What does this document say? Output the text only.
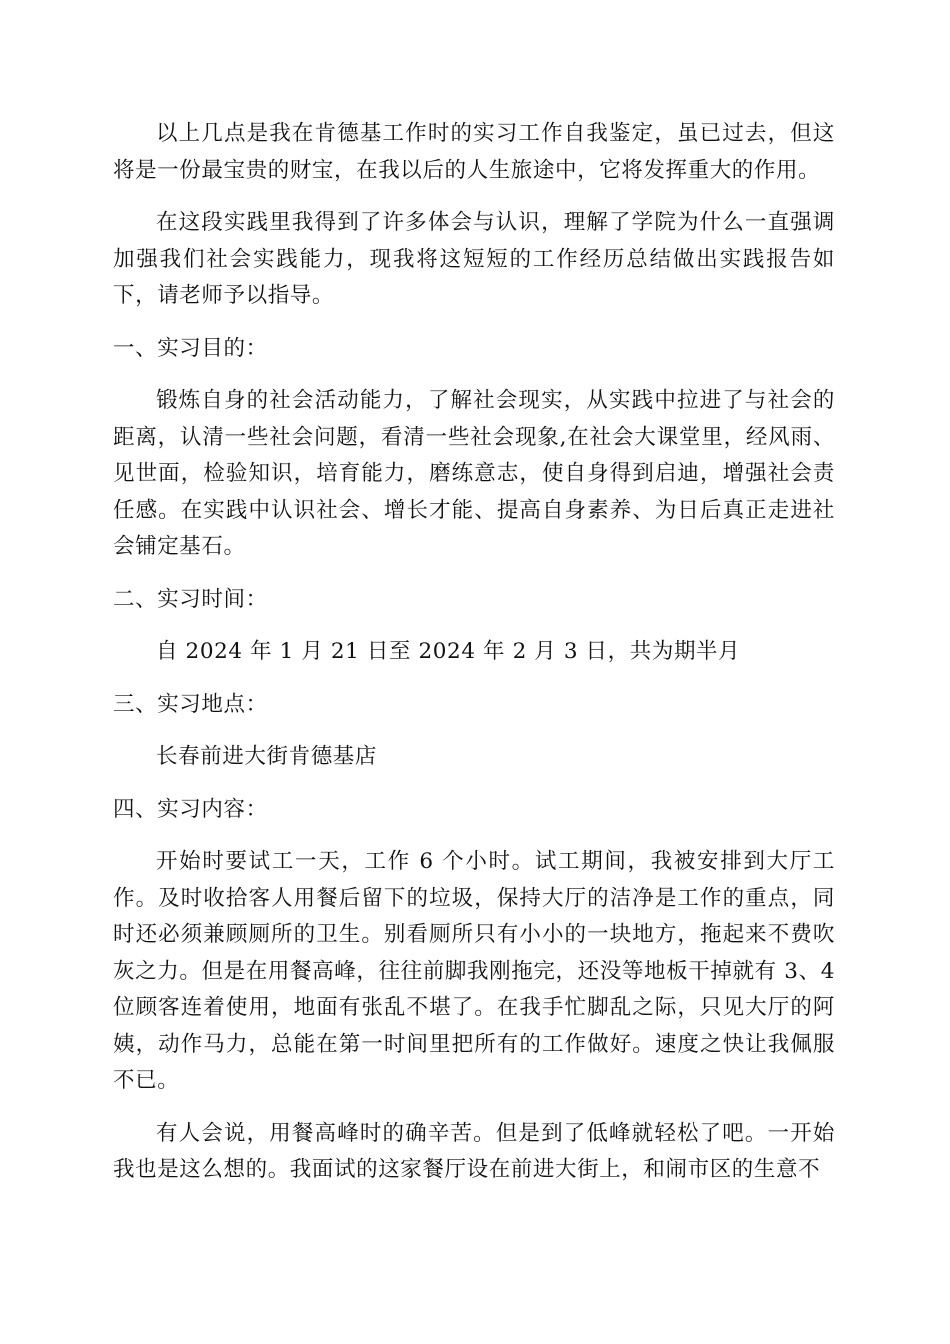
以上几点是我在肯德基工作时的实习工作自我鉴定，虽已过去，但这将是一份最宝贵的财宝，在我以后的人生旅途中，它将发挥重大的作用。

在这段实践里我得到了许多体会与认识，理解了学院为什么一直强调加强我们社会实践能力，现我将这短短的工作经历总结做出实践报告如下，请老师予以指导。

一、实习目的：

锻炼自身的社会活动能力，了解社会现实，从实践中拉进了与社会的距离，认清一些社会问题，看清一些社会现象,在社会大课堂里，经风雨、见世面，检验知识，培育能力，磨练意志，使自身得到启迪，增强社会责任感。在实践中认识社会、增长才能、提高自身素养、为日后真正走进社会铺定基石。

二、实习时间：

自 2024 年 1 月 21 日至 2024 年 2 月 3 日，共为期半月

三、实习地点：

长春前进大街肯德基店

四、实习内容：

开始时要试工一天，工作 6 个小时。试工期间，我被安排到大厅工作。及时收拾客人用餐后留下的垃圾，保持大厅的洁净是工作的重点，同时还必须兼顾厕所的卫生。别看厕所只有小小的一块地方，拖起来不费吹灰之力。但是在用餐高峰，往往前脚我刚拖完，还没等地板干掉就有 3、4 位顾客连着使用，地面有张乱不堪了。在我手忙脚乱之际，只见大厅的阿姨，动作马力，总能在第一时间里把所有的工作做好。速度之快让我佩服不已。

有人会说，用餐高峰时的确辛苦。但是到了低峰就轻松了吧。一开始我也是这么想的。我面试的这家餐厅设在前进大街上，和闹市区的生意不
